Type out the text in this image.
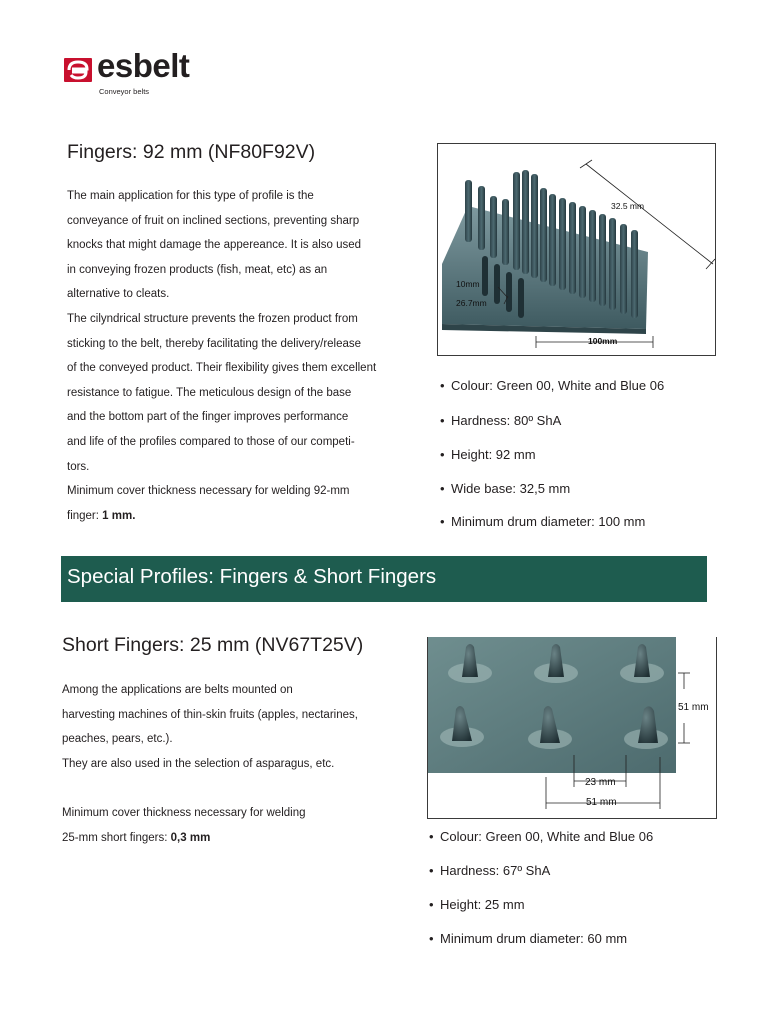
esbelt
Conveyor belts
Fingers: 92 mm (NF80F92V)
The main application for this type of profile is the
conveyance of fruit on inclined sections, preventing sharp
knocks that might damage the appereance. It is also used
in conveying frozen products (fish, meat, etc) as an
alternative to cleats.
The cilyndrical structure prevents the frozen product from
sticking to the belt, thereby facilitating the delivery/release
of the conveyed product. Their flexibility gives them excellent
resistance to fatigue. The meticulous design of the base
and the bottom part of the finger improves performance
and life of the profiles compared to those of our competi-
tors.
Minimum cover thickness necessary for welding 92-mm
finger: 1 mm.
32.5 mm
10mm
26.7mm
100mm
• Colour: Green 00, White and Blue 06
• Hardness: 80º ShA
• Height: 92 mm
• Wide base: 32,5 mm
• Minimum drum diameter: 100 mm
Special Profiles: Fingers & Short Fingers
Short Fingers: 25 mm (NV67T25V)
Among the applications are belts mounted on
harvesting machines of thin-skin fruits (apples, nectarines,
peaches, pears, etc.).
They are also used in the selection of asparagus, etc.

Minimum cover thickness necessary for welding
25-mm short fingers: 0,3 mm
51 mm
23 mm
51 mm
• Colour: Green 00, White and Blue 06
• Hardness: 67º ShA
• Height: 25 mm
• Minimum drum diameter: 60 mm
